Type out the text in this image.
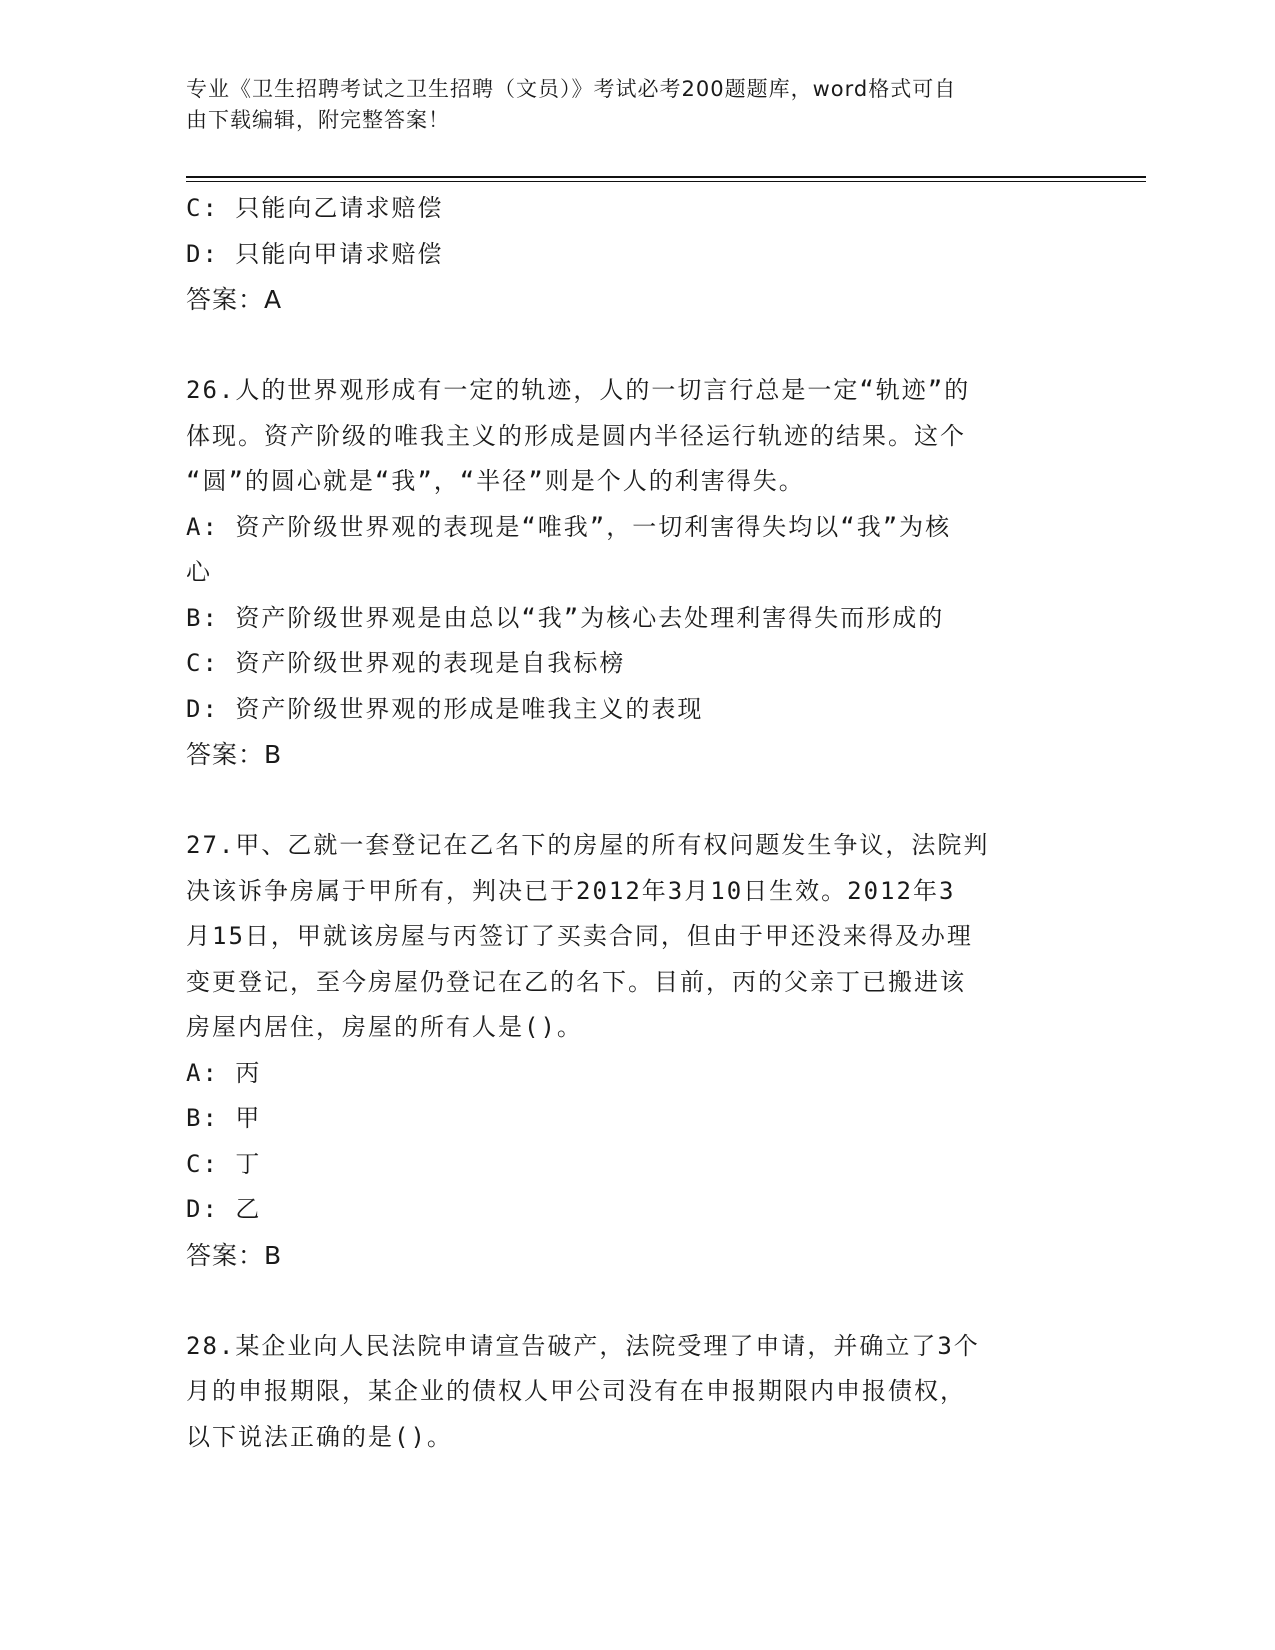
专业《卫生招聘考试之卫生招聘（文员）》考试必考200题题库，word格式可自
由下载编辑，附完整答案！
C: 只能向乙请求赔偿
D: 只能向甲请求赔偿
答案：A
26.人的世界观形成有一定的轨迹，人的一切言行总是一定“轨迹”的
体现。资产阶级的唯我主义的形成是圆内半径运行轨迹的结果。这个
“圆”的圆心就是“我”，“半径”则是个人的利害得失。
A: 资产阶级世界观的表现是“唯我”，一切利害得失均以“我”为核
心
B: 资产阶级世界观是由总以“我”为核心去处理利害得失而形成的
C: 资产阶级世界观的表现是自我标榜
D: 资产阶级世界观的形成是唯我主义的表现
答案：B
27.甲、乙就一套登记在乙名下的房屋的所有权问题发生争议，法院判
决该诉争房属于甲所有，判决已于2012年3月10日生效。2012年3
月15日，甲就该房屋与丙签订了买卖合同，但由于甲还没来得及办理
变更登记，至今房屋仍登记在乙的名下。目前，丙的父亲丁已搬进该
房屋内居住，房屋的所有人是()。
A: 丙
B: 甲
C: 丁
D: 乙
答案：B
28.某企业向人民法院申请宣告破产，法院受理了申请，并确立了3个
月的申报期限，某企业的债权人甲公司没有在申报期限内申报债权，
以下说法正确的是()。
